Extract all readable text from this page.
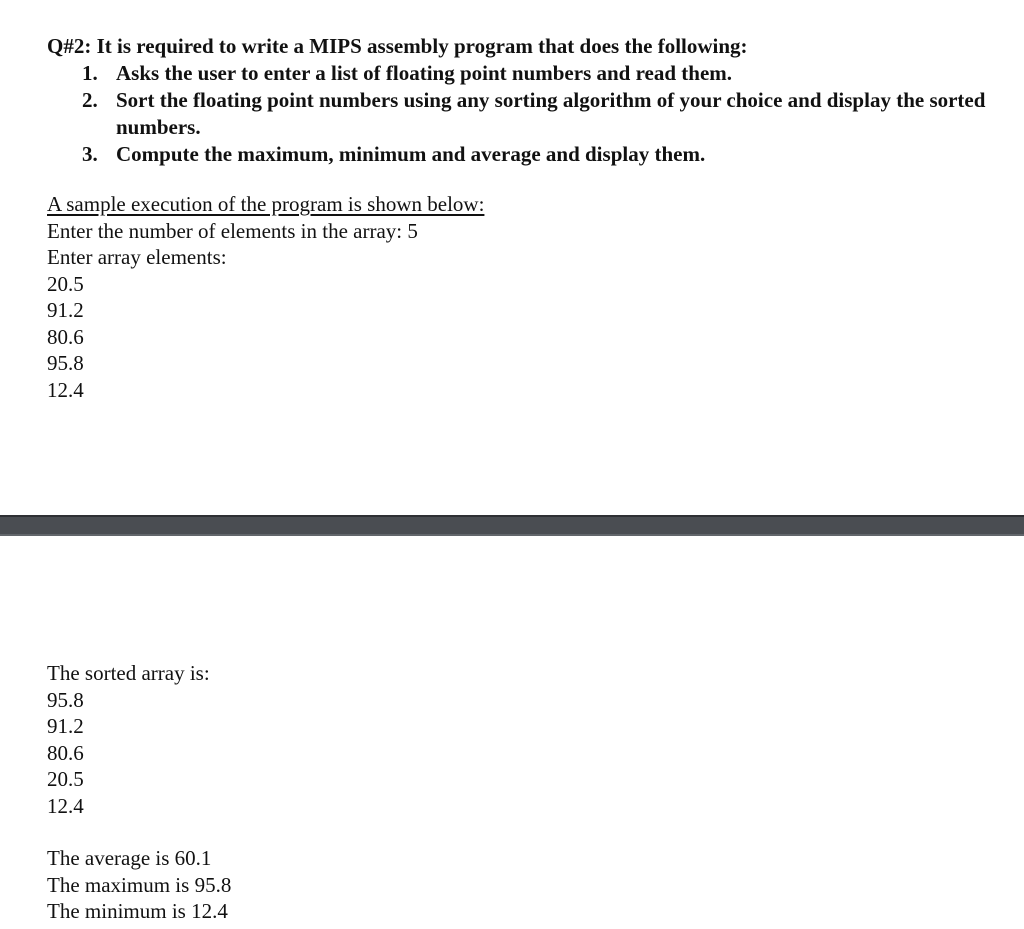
Q#2: It is required to write a MIPS assembly program that does the following:
1. Asks the user to enter a list of floating point numbers and read them.
2. Sort the floating point numbers using any sorting algorithm of your choice and display the sorted numbers.
3. Compute the maximum, minimum and average and display them.
A sample execution of the program is shown below:
Enter the number of elements in the array: 5
Enter array elements:
20.5
91.2
80.6
95.8
12.4
The sorted array is:
95.8
91.2
80.6
20.5
12.4
The average is 60.1
The maximum is 95.8
The minimum is 12.4
